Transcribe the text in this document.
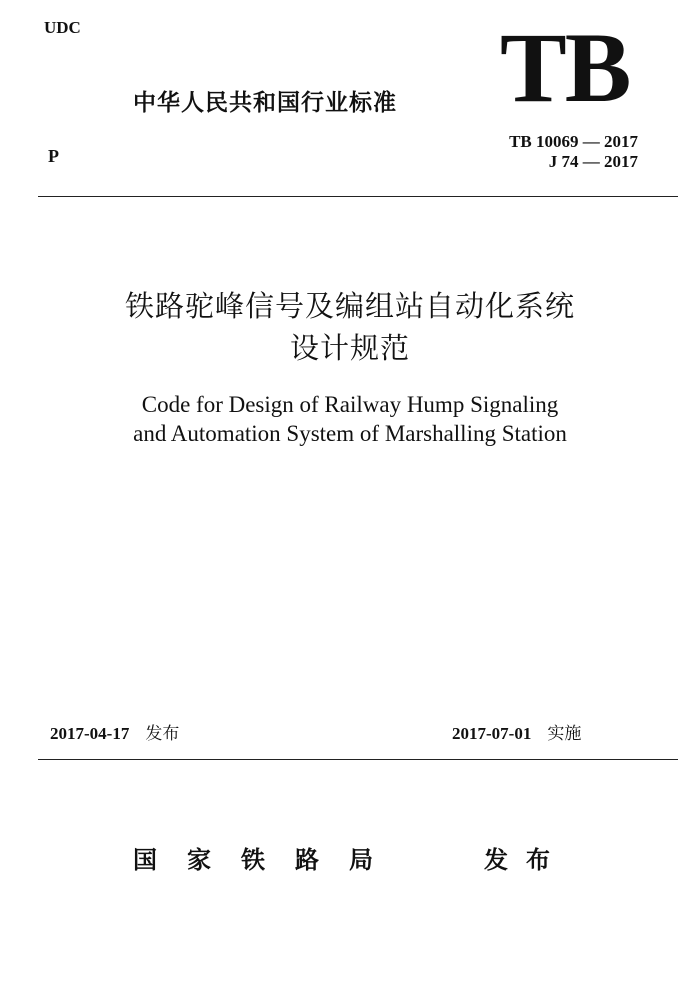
UDC
中华人民共和国行业标准 TB
P
TB 10069 — 2017
J 74 — 2017
铁路驼峰信号及编组站自动化系统
设计规范
Code for Design of Railway Hump Signaling
and Automation System of Marshalling Station
2017-04-17 发布	2017-07-01 实施
国家铁路局	发布
